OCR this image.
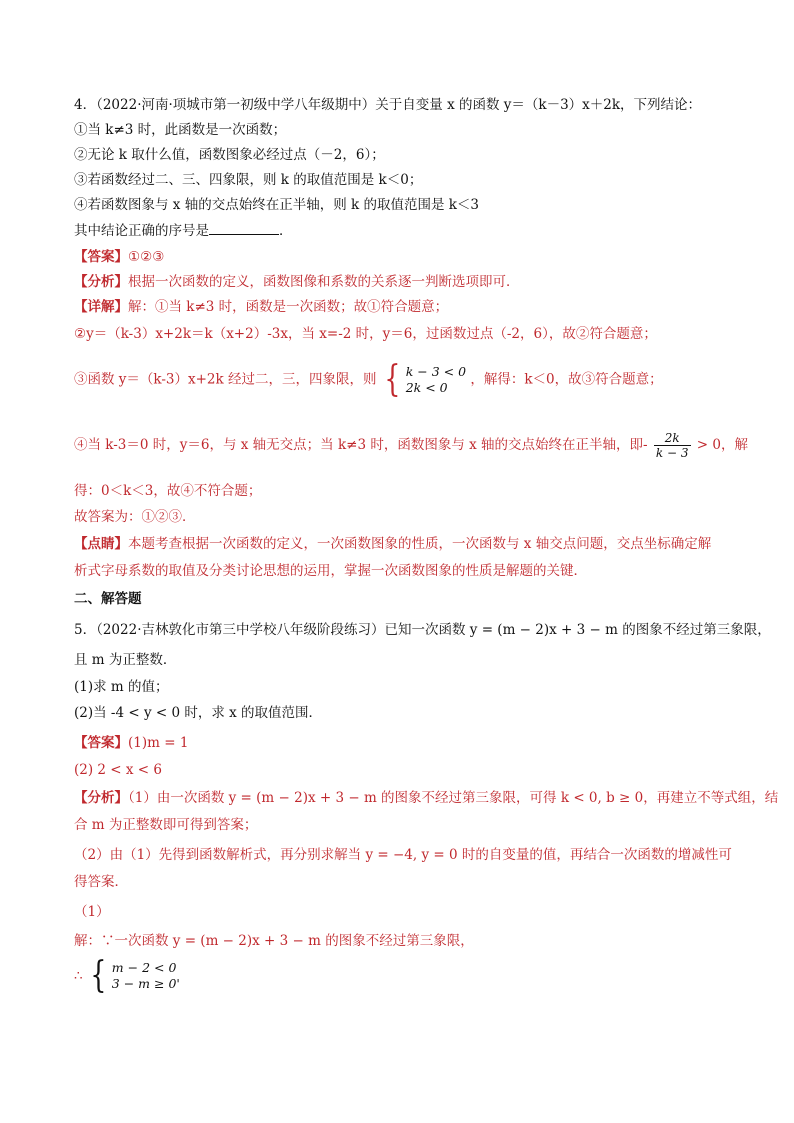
4．（2022·河南·项城市第一初级中学八年级期中）关于自变量 x 的函数 y＝（k－3）x＋2k，下列结论：
①当 k≠3 时，此函数是一次函数；
②无论 k 取什么值，函数图象必经过点（－2，6）；
③若函数经过二、三、四象限，则 k 的取值范围是 k＜0；
④若函数图象与 x 轴的交点始终在正半轴，则 k 的取值范围是 k＜3
其中结论正确的序号是	．
【答案】①②③
【分析】根据一次函数的定义，函数图像和系数的关系逐一判断选项即可．
【详解】解：①当 k≠3 时，函数是一次函数；故①符合题意；
②y＝（k-3）x+2k＝k（x+2）-3x，当 x=-2 时，y＝6，过函数过点（-2，6），故②符合题意；
③函数 y＝（k-3）x+2k 经过二，三，四象限，则 { k − 3 < 0
2k < 0	，解得：k＜0，故③符合题意；
④当 k-3＝0 时，y＝6，与 x 轴无交点；当 k≠3 时，函数图象与 x 轴的交点始终在正半轴，即- $\frac{2k}{k - 3} > 0$，解
得：0＜k＜3，故④不符合题；
故答案为：①②③．
【点睛】本题考查根据一次函数的定义，一次函数图象的性质，一次函数与 x 轴交点问题，交点坐标确定解
析式字母系数的取值及分类讨论思想的运用，掌握一次函数图象的性质是解题的关键．
二、解答题
5．（2022·吉林敦化市第三中学校八年级阶段练习）已知一次函数 y = (m − 2)x + 3 − m 的图象不经过第三象限，
且 m 为正整数．
(1)求 m 的值；
(2)当 -4 < y < 0 时，求 x 的取值范围．
【答案】(1)m = 1
(2) 2 < x < 6
【分析】（1）由一次函数 y = (m − 2)x + 3 − m 的图象不经过第三象限，可得 k < 0, b ≥ 0，再建立不等式组，结
合 m 为正整数即可得到答案；
（2）由（1）先得到函数解析式，再分别求解当 y = −4, y = 0 时的自变量的值，再结合一次函数的增减性可
得答案．
（1）
解：∵一次函数 y = (m − 2)x + 3 − m 的图象不经过第三象限，
∴ { m − 2 < 0
3 − m ≥ 0'
